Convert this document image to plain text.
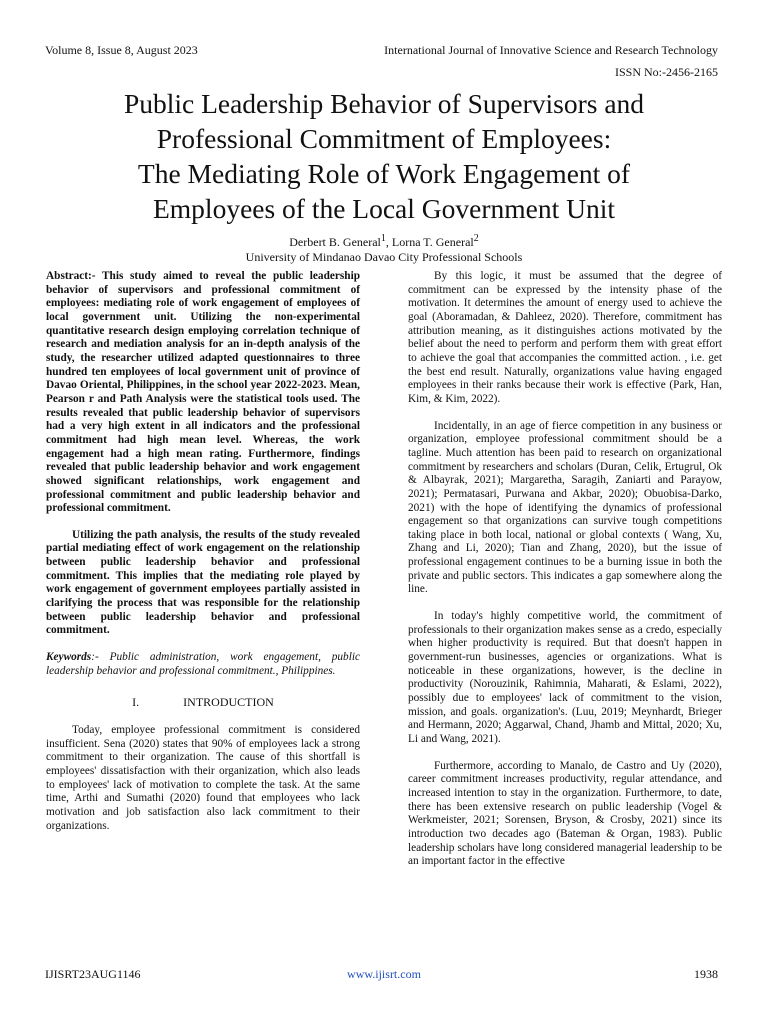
Volume 8, Issue 8, August 2023	International Journal of Innovative Science and Research Technology
ISSN No:-2456-2165
Public Leadership Behavior of Supervisors and
Professional Commitment of Employees:
The Mediating Role of Work Engagement of
Employees of the Local Government Unit
Derbert B. General$^1$, Lorna T. General$^2$
University of Mindanao Davao City Professional Schools

Abstract:- This study aimed to reveal the public leadership behavior of supervisors and professional commitment of employees: mediating role of work engagement of employees of local government unit. Utilizing the non-experimental quantitative research design employing correlation technique of research and mediation analysis for an in-depth analysis of the study, the researcher utilized adapted questionnaires to three hundred ten employees of local government unit of province of Davao Oriental, Philippines, in the school year 2022-2023. Mean, Pearson r and Path Analysis were the statistical tools used. The results revealed that public leadership behavior of supervisors had a very high extent in all indicators and the professional commitment had high mean level. Whereas, the work engagement had a high mean rating. Furthermore, findings revealed that public leadership behavior and work engagement showed significant relationships, work engagement and professional commitment and public leadership behavior and professional commitment.

Utilizing the path analysis, the results of the study revealed partial mediating effect of work engagement on the relationship between public leadership behavior and professional commitment. This implies that the mediating role played by work engagement of government employees partially assisted in clarifying the process that was responsible for the relationship between public leadership behavior and professional commitment.

Keywords:- Public administration, work engagement, public leadership behavior and professional commitment., Philippines.

I.	INTRODUCTION

Today, employee professional commitment is considered insufficient. Sena (2020) states that 90% of employees lack a strong commitment to their organization. The cause of this shortfall is employees' dissatisfaction with their organization, which also leads to employees' lack of motivation to complete the task. At the same time, Arthi and Sumathi (2020) found that employees who lack motivation and job satisfaction also lack commitment to their organizations.

By this logic, it must be assumed that the degree of commitment can be expressed by the intensity phase of the motivation. It determines the amount of energy used to achieve the goal (Aboramadan, & Dahleez, 2020). Therefore, commitment has attribution meaning, as it distinguishes actions motivated by the belief about the need to perform and perform them with great effort to achieve the goal that accompanies the committed action. , i.e. get the best end result. Naturally, organizations value having engaged employees in their ranks because their work is effective (Park, Han, Kim, & Kim, 2022).

Incidentally, in an age of fierce competition in any business or organization, employee professional commitment should be a tagline. Much attention has been paid to research on organizational commitment by researchers and scholars (Duran, Celik, Ertugrul, Ok & Albayrak, 2021); Margaretha, Saragih, Zaniarti and Parayow, 2021); Permatasari, Purwana and Akbar, 2020); Obuobisa-Darko, 2021) with the hope of identifying the dynamics of professional engagement so that organizations can survive tough competitions taking place in both local, national or global contexts ( Wang, Xu, Zhang and Li, 2020); Tian and Zhang, 2020), but the issue of professional engagement continues to be a burning issue in both the private and public sectors. This indicates a gap somewhere along the line.

In today's highly competitive world, the commitment of professionals to their organization makes sense as a credo, especially when higher productivity is required. But that doesn't happen in government-run businesses, agencies or organizations. What is noticeable in these organizations, however, is the decline in productivity (Norouzinik, Rahimnia, Maharati, & Eslami, 2022), possibly due to employees' lack of commitment to the vision, mission, and goals. organization's. (Luu, 2019; Meynhardt, Brieger and Hermann, 2020; Aggarwal, Chand, Jhamb and Mittal, 2020; Xu, Li and Wang, 2021).

Furthermore, according to Manalo, de Castro and Uy (2020), career commitment increases productivity, regular attendance, and increased intention to stay in the organization. Furthermore, to date, there has been extensive research on public leadership (Vogel & Werkmeister, 2021; Sorensen, Bryson, & Crosby, 2021) since its introduction two decades ago (Bateman & Organ, 1983). Public leadership scholars have long considered managerial leadership to be an important factor in the effective

IJISRT23AUG1146	www.ijisrt.com	1938
